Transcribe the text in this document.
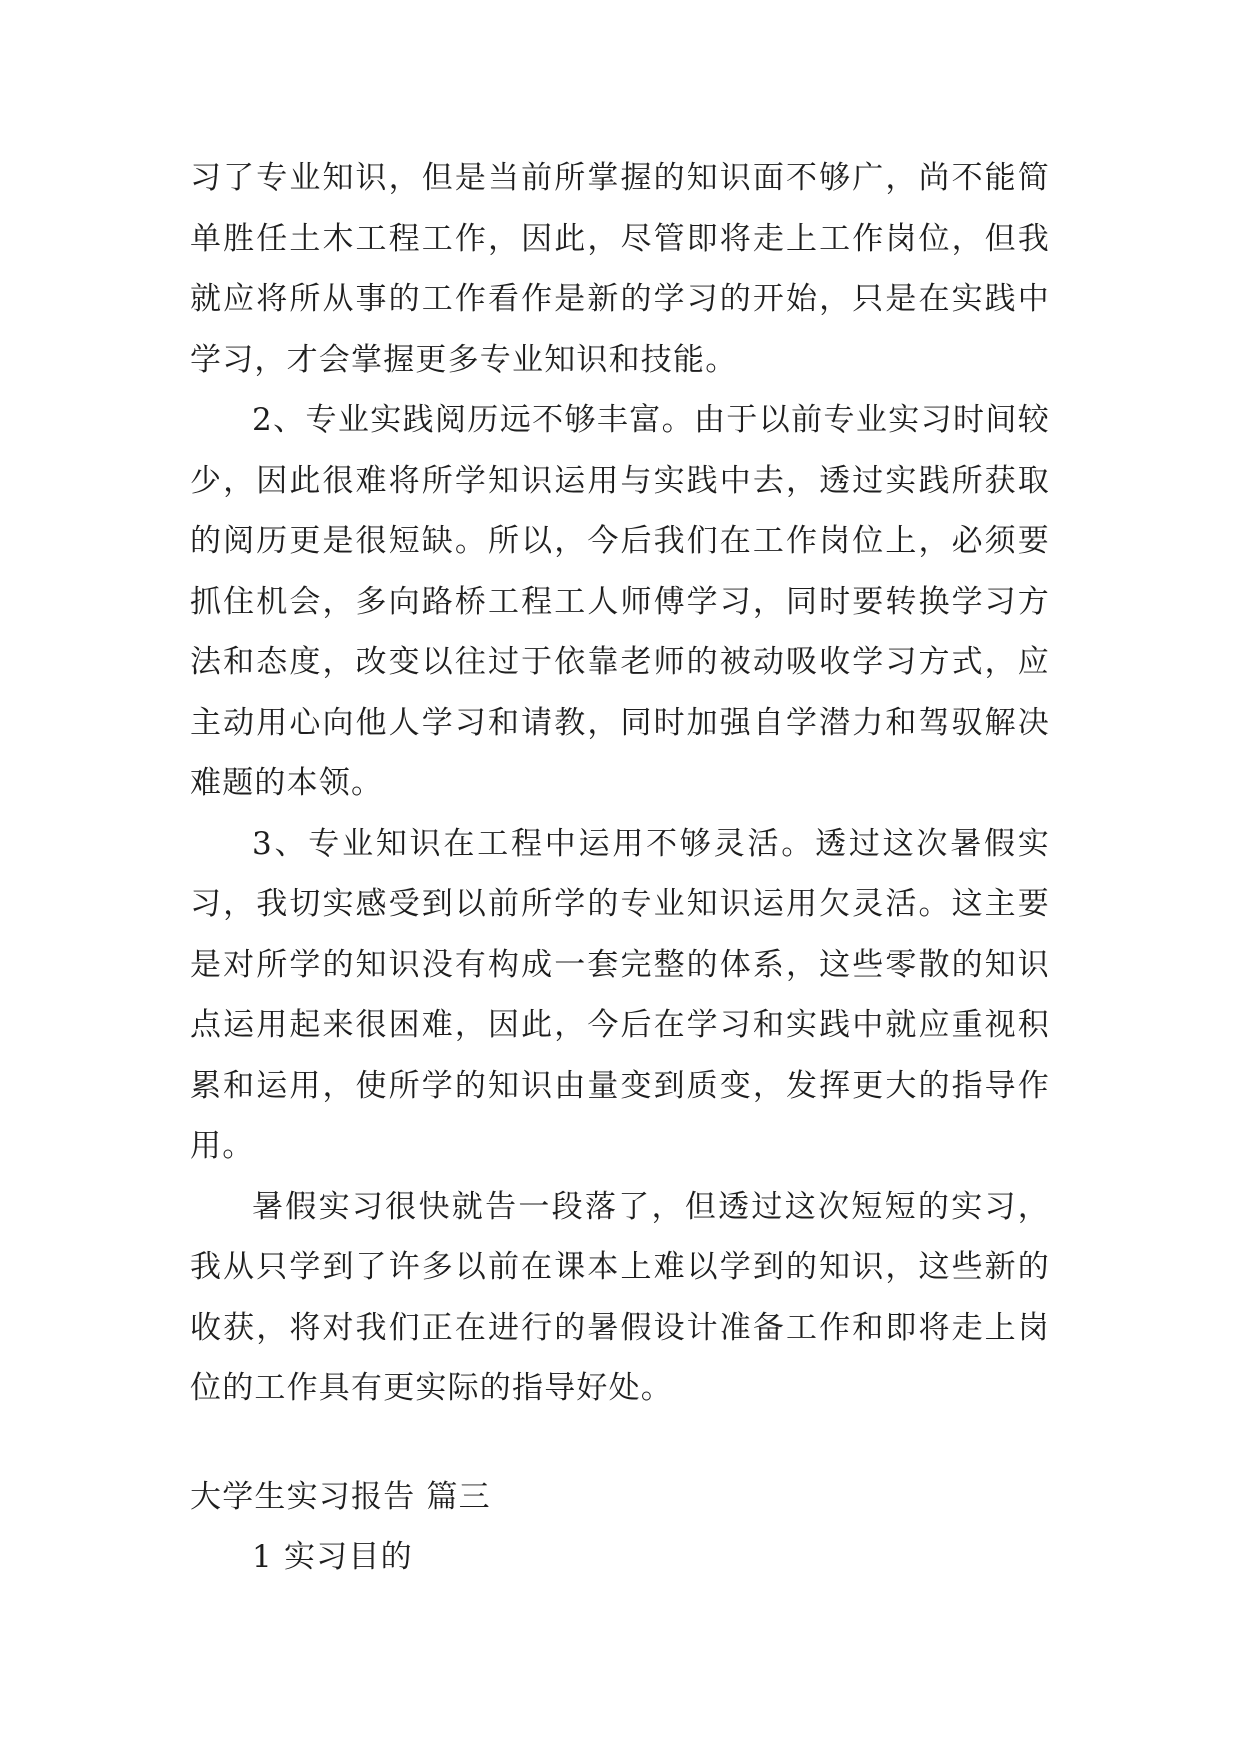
习了专业知识，但是当前所掌握的知识面不够广，尚不能简单胜任土木工程工作，因此，尽管即将走上工作岗位，但我就应将所从事的工作看作是新的学习的开始，只是在实践中学习，才会掌握更多专业知识和技能。

2、专业实践阅历远不够丰富。由于以前专业实习时间较少，因此很难将所学知识运用与实践中去，透过实践所获取的阅历更是很短缺。所以，今后我们在工作岗位上，必须要抓住机会，多向路桥工程工人师傅学习，同时要转换学习方法和态度，改变以往过于依靠老师的被动吸收学习方式，应主动用心向他人学习和请教，同时加强自学潜力和驾驭解决难题的本领。

3、专业知识在工程中运用不够灵活。透过这次暑假实习，我切实感受到以前所学的专业知识运用欠灵活。这主要是对所学的知识没有构成一套完整的体系，这些零散的知识点运用起来很困难，因此，今后在学习和实践中就应重视积累和运用，使所学的知识由量变到质变，发挥更大的指导作用。

暑假实习很快就告一段落了，但透过这次短短的实习，我从只学到了许多以前在课本上难以学到的知识，这些新的收获，将对我们正在进行的暑假设计准备工作和即将走上岗位的工作具有更实际的指导好处。

大学生实习报告 篇三

1 实习目的
